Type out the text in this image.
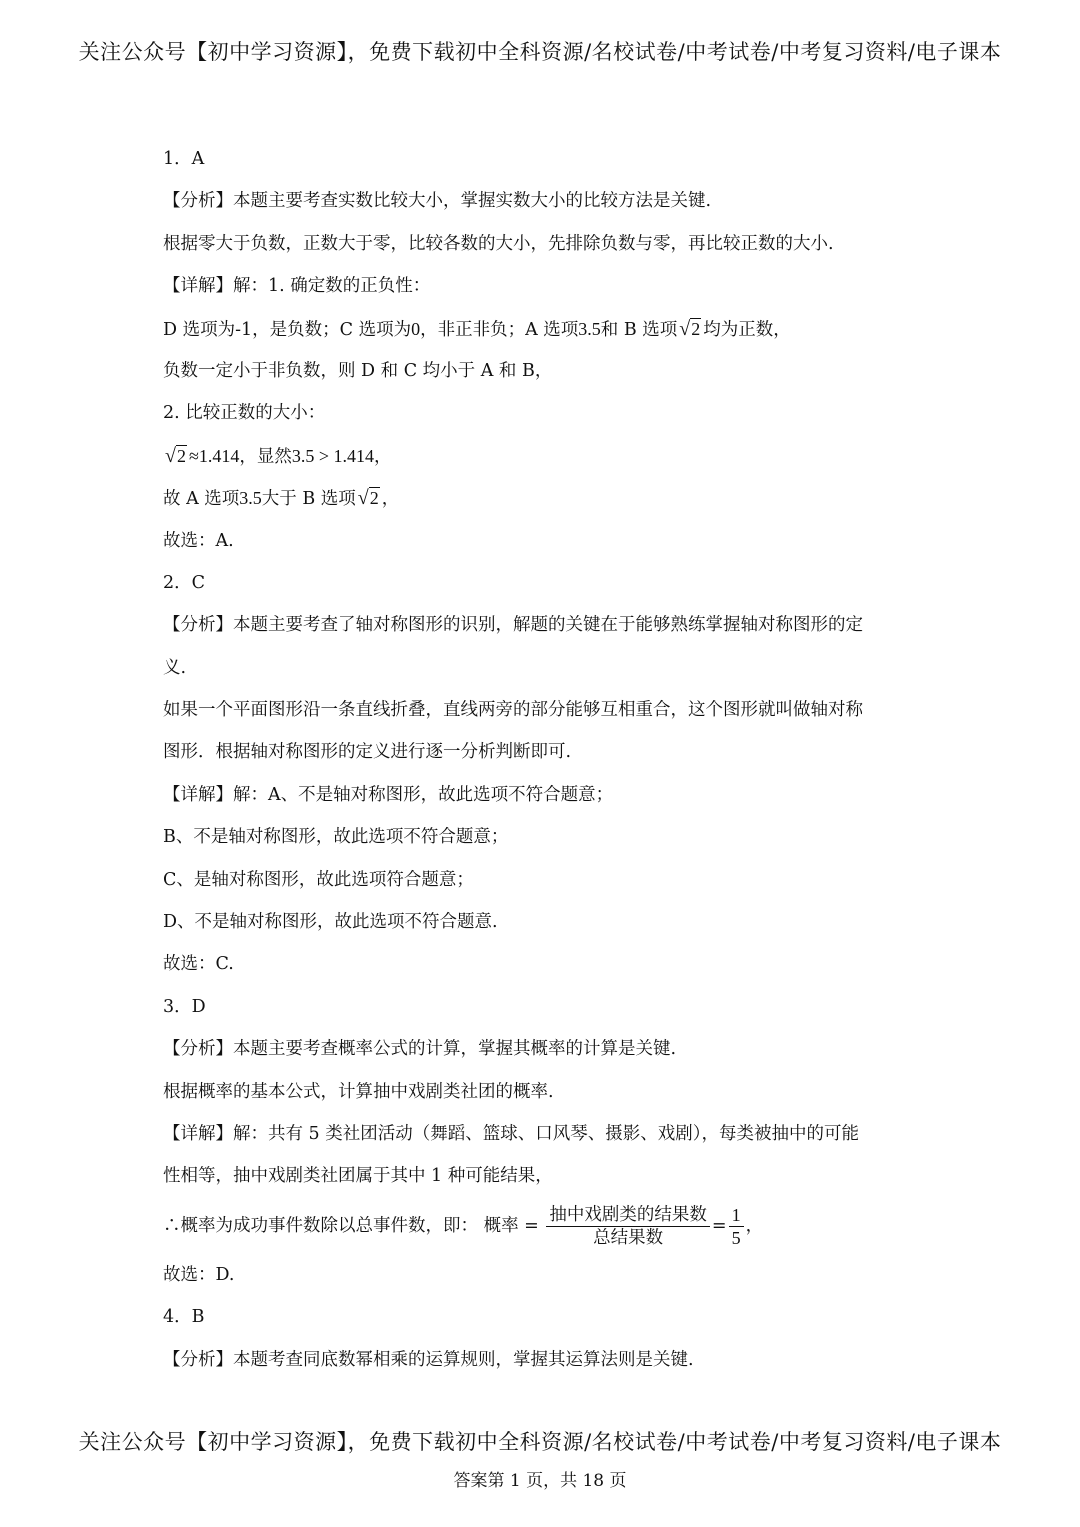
关注公众号【初中学习资源】，免费下载初中全科资源/名校试卷/中考试卷/中考复习资料/电子课本
1．A
【分析】本题主要考查实数比较大小，掌握实数大小的比较方法是关键.
根据零大于负数，正数大于零，比较各数的大小，先排除负数与零，再比较正数的大小.
【详解】解：1. 确定数的正负性：
D 选项为-1，是负数；C 选项为0，非正非负；A 选项3.5和 B 选项 √2 均为正数，
负数一定小于非负数，则 D 和 C 均小于 A 和 B，
2. 比较正数的大小：
√2 ≈1.414，显然3.5 > 1.414，
故 A 选项3.5大于 B 选项 √2 ，
故选：A.
2．C
【分析】本题主要考查了轴对称图形的识别，解题的关键在于能够熟练掌握轴对称图形的定
义.
如果一个平面图形沿一条直线折叠，直线两旁的部分能够互相重合，这个图形就叫做轴对称
图形．根据轴对称图形的定义进行逐一分析判断即可.
【详解】解：A、不是轴对称图形，故此选项不符合题意；
B、不是轴对称图形，故此选项不符合题意；
C、是轴对称图形，故此选项符合题意；
D、不是轴对称图形，故此选项不符合题意.
故选：C.
3．D
【分析】本题主要考查概率公式的计算，掌握其概率的计算是关键.
根据概率的基本公式，计算抽中戏剧类社团的概率.
【详解】解：共有 5 类社团活动（舞蹈、篮球、口风琴、摄影、戏剧），每类被抽中的可能
性相等，抽中戏剧类社团属于其中 1 种可能结果，
∴概率为成功事件数除以总事件数，即： 概率 = $\frac{\text{抽中戏剧类的结果数}}{\text{总结果数}} = \frac{1}{5}$ ，
故选：D.
4．B
【分析】本题考查同底数幂相乘的运算规则，掌握其运算法则是关键.
关注公众号【初中学习资源】，免费下载初中全科资源/名校试卷/中考试卷/中考复习资料/电子课本
答案第 1 页，共 18 页
